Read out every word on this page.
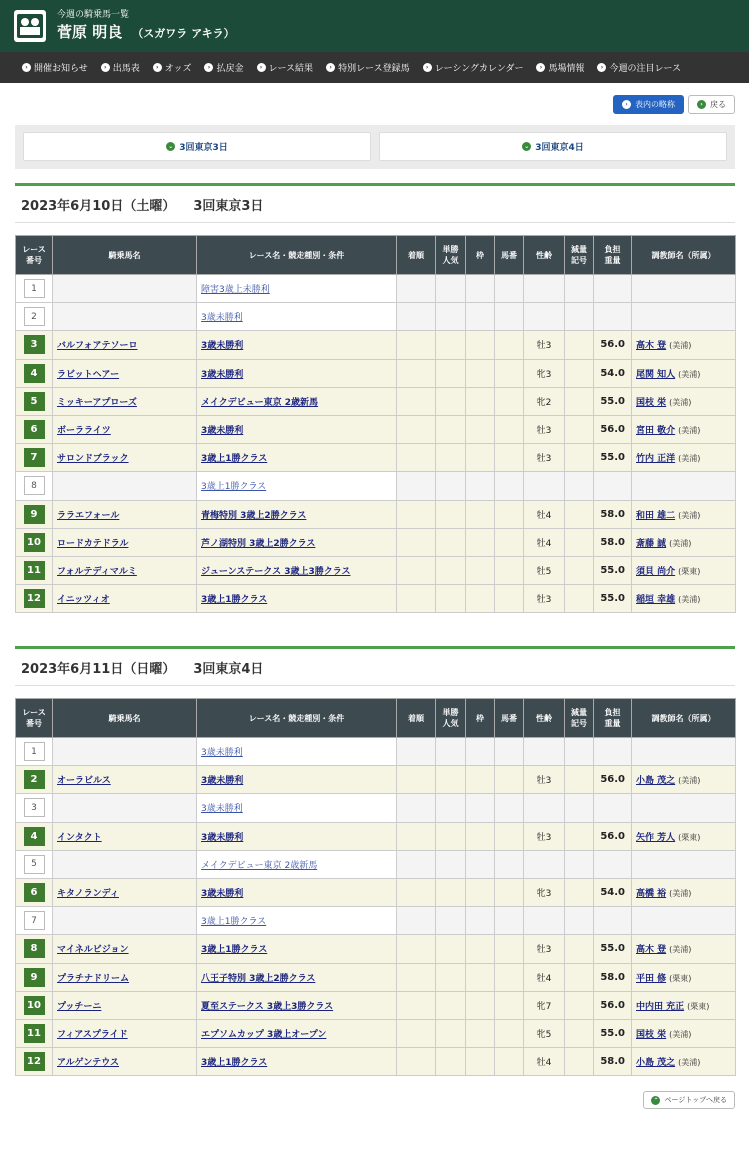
今週の騎乗馬一覧
菅原 明良 （スガワラ アキラ）
› 開催お知らせ	› 出馬表	› オッズ	› 払戻金	› レース結果	› 特別レース登録馬	› レーシングカレンダー	› 馬場情報	› 今週の注目レース
› 表内の略称	› 戻る
⌄ 3回東京3日	⌄ 3回東京4日
2023年6月10日（土曜） 3回東京3日
レース
番号	騎乗馬名	レース名・競走種別・条件	着順	単勝
人気	枠	馬番	性齢	減量
記号	負担
重量	調教師名（所属）
1		障害3歳上未勝利								
2		3歳未勝利								
3	バルフォアテソーロ	3歳未勝利					牡3		56.0	高木 登 (美浦)
4	ラビットヘアー	3歳未勝利					牝3		54.0	尾関 知人 (美浦)
5	ミッキーアプローズ	メイクデビュー東京 2歳新馬					牝2		55.0	国枝 栄 (美浦)
6	ボーラライツ	3歳未勝利					牡3		56.0	宮田 敬介 (美浦)
7	サロンドブラック	3歳上1勝クラス					牡3		55.0	竹内 正洋 (美浦)
8		3歳上1勝クラス								
9	ララエフォール	青梅特別 3歳上2勝クラス					牡4		58.0	和田 雄二 (美浦)
10	ロードカテドラル	芦ノ湖特別 3歳上2勝クラス					牡4		58.0	斎藤 誠 (美浦)
11	フォルテディマルミ	ジューンステークス 3歳上3勝クラス					牡5		55.0	須貝 尚介 (栗東)
12	イニッツィオ	3歳上1勝クラス					牡3		55.0	稲垣 幸雄 (美浦)
2023年6月11日（日曜） 3回東京4日
レース
番号	騎乗馬名	レース名・競走種別・条件	着順	単勝
人気	枠	馬番	性齢	減量
記号	負担
重量	調教師名（所属）
1		3歳未勝利								
2	オーラビルス	3歳未勝利					牡3		56.0	小島 茂之 (美浦)
3		3歳未勝利								
4	インタクト	3歳未勝利					牡3		56.0	矢作 芳人 (栗東)
5		メイクデビュー東京 2歳新馬								
6	キタノランディ	3歳未勝利					牝3		54.0	高橋 裕 (美浦)
7		3歳上1勝クラス								
8	マイネルビジョン	3歳上1勝クラス					牡3		55.0	高木 登 (美浦)
9	プラチナドリーム	八王子特別 3歳上2勝クラス					牡4		58.0	平田 修 (栗東)
10	プッチーニ	夏至ステークス 3歳上3勝クラス					牝7		56.0	中内田 充正 (栗東)
11	フィアスプライド	エプソムカップ 3歳上オープン					牝5		55.0	国枝 栄 (美浦)
12	アルゲンテウス	3歳上1勝クラス					牡4		58.0	小島 茂之 (美浦)
⌃ ページトップへ戻る
